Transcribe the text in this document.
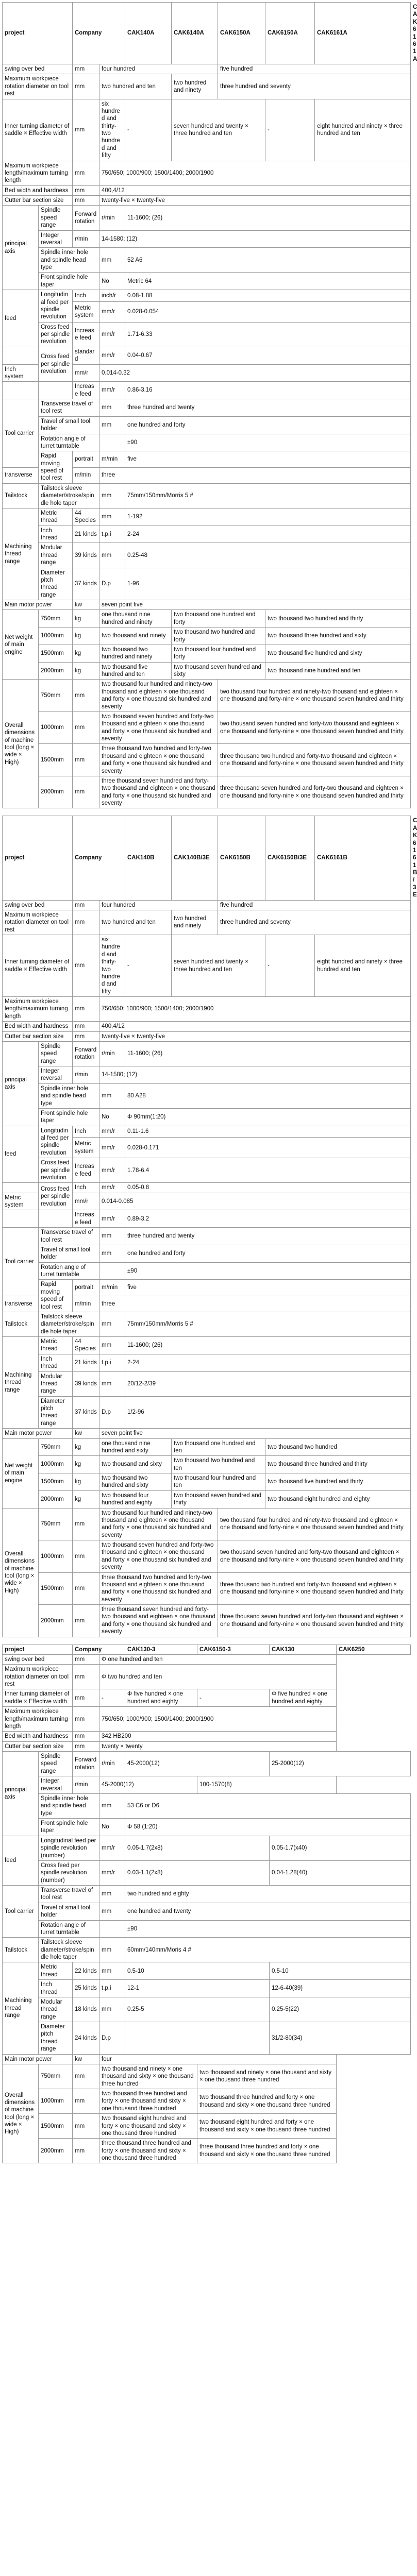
project		Company		CAK140A	CAK6140A	CAK6150A	CAK6150A	CAK6161A	CAK6161A
swing over bed		mm	four hundred			five hundred			
Maximum workpiece rotation diameter on tool rest		mm	two hundred and ten		two hundred and ninety	three hundred and seventy			
Inner turning diameter of saddle × Effective width		mm	six hundred and thirty-two hundred and fifty	-	seven hundred and twenty × three hundred and ten		-	eight hundred and ninety × three hundred and ten	
Maximum workpiece length/maximum turning length		mm	750/650; 1000/900; 1500/1400; 2000/1900						
Bed width and hardness		mm	400,4/12						
Cutter bar section size		mm	twenty-five × twenty-five						
principal axis	Spindle speed range	Forward rotation	r/min	11-1600; (26)					
	Integer reversal	r/min	14-1580; (12)						
	Spindle inner hole and spindle head type		mm	52 A6					
	Front spindle hole taper		No	Metric 64					
feed	Longitudinal feed per spindle revolution	Inch	inch/r	0.08-1.88					
		Metric system	mm/r	0.028-0.054					
	Cross feed per spindle revolution	Increase feed	mm/r	1.71-6.33					
	Cross feed per spindle revolution	standard	mm/r	0.04-0.67					
Inch system		mm/r	0.014-0.32						
		Increase feed	mm/r	0.86-3.16					
Tool carrier	Transverse travel of tool rest		mm	three hundred and twenty					
	Travel of small tool holder		mm	one hundred and forty					
	Rotation angle of turret turntable			±90					
	Rapid moving speed of tool rest	portrait	m/min	five					
transverse		m/min	three						
Tailstock	Tailstock sleeve diameter/stroke/spindle hole taper		mm	75mm/150mm/Morris 5 #					
Machining thread range	Metric thread	44 Species	mm	1-192					
	Inch thread	21 kinds	t.p.i	2-24					
	Modular thread range	39 kinds	mm	0.25-48					
	Diameter pitch thread range	37 kinds	D.p	1-96					
Main motor power		kw	seven point five						
Net weight of main engine	750mm	kg	one thousand nine hundred and ninety		two thousand one hundred and forty		two thousand two hundred and thirty		
	1000mm	kg	two thousand and ninety		two thousand two hundred and forty		two thousand three hundred and sixty		
	1500mm	kg	two thousand two hundred and ninety		two thousand four hundred and forty		two thousand five hundred and sixty		
	2000mm	kg	two thousand five hundred and ten		two thousand seven hundred and sixty		two thousand nine hundred and ten		
Overall dimensions of machine tool (long × wide × High)	750mm	mm	two thousand four hundred and ninety-two thousand and eighteen × one thousand and forty × one thousand six hundred and seventy			two thousand four hundred and ninety-two thousand and eighteen × one thousand and forty-nine × one thousand seven hundred and thirty			
	1000mm	mm	two thousand seven hundred and forty-two thousand and eighteen × one thousand and forty × one thousand six hundred and seventy			two thousand seven hundred and forty-two thousand and eighteen × one thousand and forty-nine × one thousand seven hundred and thirty			
	1500mm	mm	three thousand two hundred and forty-two thousand and eighteen × one thousand and forty × one thousand six hundred and seventy			three thousand two hundred and forty-two thousand and eighteen × one thousand and forty-nine × one thousand seven hundred and thirty			
	2000mm	mm	three thousand seven hundred and forty-two thousand and eighteen × one thousand and forty × one thousand six hundred and seventy			three thousand seven hundred and forty-two thousand and eighteen × one thousand and forty-nine × one thousand seven hundred and thirty			
project		Company		CAK140B	CAK140B/3E	CAK6150B	CAK6150B/3E	CAK6161B	CAK6161B/3E
swing over bed		mm	four hundred			five hundred			
Maximum workpiece rotation diameter on tool rest		mm	two hundred and ten		two hundred and ninety	three hundred and seventy			
Inner turning diameter of saddle × Effective width		mm	six hundred and thirty-two hundred and fifty	-	seven hundred and twenty × three hundred and ten		-	eight hundred and ninety × three hundred and ten	
Maximum workpiece length/maximum turning length		mm	750/650; 1000/900; 1500/1400; 2000/1900						
Bed width and hardness		mm	400,4/12						
Cutter bar section size		mm	twenty-five × twenty-five						
principal axis	Spindle speed range	Forward rotation	r/min	11-1600; (26)					
	Integer reversal	r/min	14-1580; (12)						
	Spindle inner hole and spindle head type		mm	80 A28					
	Front spindle hole taper		No	Φ 90mm(1:20)					
feed	Longitudinal feed per spindle revolution	Inch	mm/r	0.11-1.6					
		Metric system	mm/r	0.028-0.171					
	Cross feed per spindle revolution	Increase feed	mm/r	1.78-6.4					
	Cross feed per spindle revolution	Inch	mm/r	0.05-0.8					
Metric system		mm/r	0.014-0.085						
		Increase feed	mm/r	0.89-3.2					
Tool carrier	Transverse travel of tool rest		mm	three hundred and twenty					
	Travel of small tool holder		mm	one hundred and forty					
	Rotation angle of turret turntable			±90					
	Rapid moving speed of tool rest	portrait	m/min	five					
transverse		m/min	three						
Tailstock	Tailstock sleeve diameter/stroke/spindle hole taper		mm	75mm/150mm/Morris 5 #					
Machining thread range	Metric thread	44 Species	mm	11-1600; (26)					
	Inch thread	21 kinds	t.p.i	2-24					
	Modular thread range	39 kinds	mm	20/12-2/39					
	Diameter pitch thread range	37 kinds	D.p	1/2-96					
Main motor power		kw	seven point five						
Net weight of main engine	750mm	kg	one thousand nine hundred and sixty		two thousand one hundred and ten		two thousand two hundred		
	1000mm	kg	two thousand and sixty		two thousand two hundred and ten		two thousand three hundred and thirty		
	1500mm	kg	two thousand two hundred and sixty		two thousand four hundred and ten		two thousand five hundred and thirty		
	2000mm	kg	two thousand four hundred and eighty		two thousand seven hundred and thirty		two thousand eight hundred and eighty		
Overall dimensions of machine tool (long × wide × High)	750mm	mm	two thousand four hundred and ninety-two thousand and eighteen × one thousand and forty × one thousand six hundred and seventy			two thousand four hundred and ninety-two thousand and eighteen × one thousand and forty-nine × one thousand seven hundred and thirty			
	1000mm	mm	two thousand seven hundred and forty-two thousand and eighteen × one thousand and forty × one thousand six hundred and seventy			two thousand seven hundred and forty-two thousand and eighteen × one thousand and forty-nine × one thousand seven hundred and thirty			
	1500mm	mm	three thousand two hundred and forty-two thousand and eighteen × one thousand and forty × one thousand six hundred and seventy			three thousand two hundred and forty-two thousand and eighteen × one thousand and forty-nine × one thousand seven hundred and thirty			
	2000mm	mm	three thousand seven hundred and forty-two thousand and eighteen × one thousand and forty × one thousand six hundred and seventy			three thousand seven hundred and forty-two thousand and eighteen × one thousand and forty-nine × one thousand seven hundred and thirty			
project		Company		CAK130-3	CAK6150-3	CAK130	CAK6250
swing over bed		mm	Φ one hundred and ten				
Maximum workpiece rotation diameter on tool rest		mm	Φ two hundred and ten				
Inner turning diameter of saddle × Effective width		mm	-	Φ five hundred × one hundred and eighty	-	Φ five hundred × one hundred and eighty	
Maximum workpiece length/maximum turning length		mm	750/650; 1000/900; 1500/1400; 2000/1900				
Bed width and hardness		mm	342 HB200				
Cutter bar section size		mm	twenty × twenty				
principal axis	Spindle speed range	Forward rotation	r/min	45-2000(12)		25-2000(12)	
	Integer reversal	r/min	45-2000(12)		100-1570(8)		
	Spindle inner hole and spindle head type		mm	53 C6 or D6			
	Front spindle hole taper		No	Φ 58 (1:20)			
feed	Longitudinal feed per spindle revolution (number)		mm/r	0.05-1.7(2x8)		0.05-1.7(x40)	
	Cross feed per spindle revolution (number)		mm/r	0.03-1.1(2x8)		0.04-1.28(40)	
Tool carrier	Transverse travel of tool rest		mm	two hundred and eighty			
	Travel of small tool holder		mm	one hundred and twenty			
	Rotation angle of turret turntable			±90			
Tailstock	Tailstock sleeve diameter/stroke/spindle hole taper		mm	60mm/140mm/Moris 4 #			
Machining thread range	Metric thread	22 kinds	mm	0.5-10		0.5-10	
	Inch thread	25 kinds	t.p.i	12-1		12-6-40(39)	
	Modular thread range	18 kinds	mm	0.25-5		0.25-5(22)	
	Diameter pitch thread range	24 kinds	D.p			31/2-80(34)	
Main motor power		kw	four				
Overall dimensions of machine tool (long × wide × High)	750mm	mm	two thousand and ninety × one thousand and sixty × one thousand three hundred		two thousand and ninety × one thousand and sixty × one thousand three hundred		
	1000mm	mm	two thousand three hundred and forty × one thousand and sixty × one thousand three hundred		two thousand three hundred and forty × one thousand and sixty × one thousand three hundred		
	1500mm	mm	two thousand eight hundred and forty × one thousand and sixty × one thousand three hundred		two thousand eight hundred and forty × one thousand and sixty × one thousand three hundred		
	2000mm	mm	three thousand three hundred and forty × one thousand and sixty × one thousand three hundred		three thousand three hundred and forty × one thousand and sixty × one thousand three hundred		
